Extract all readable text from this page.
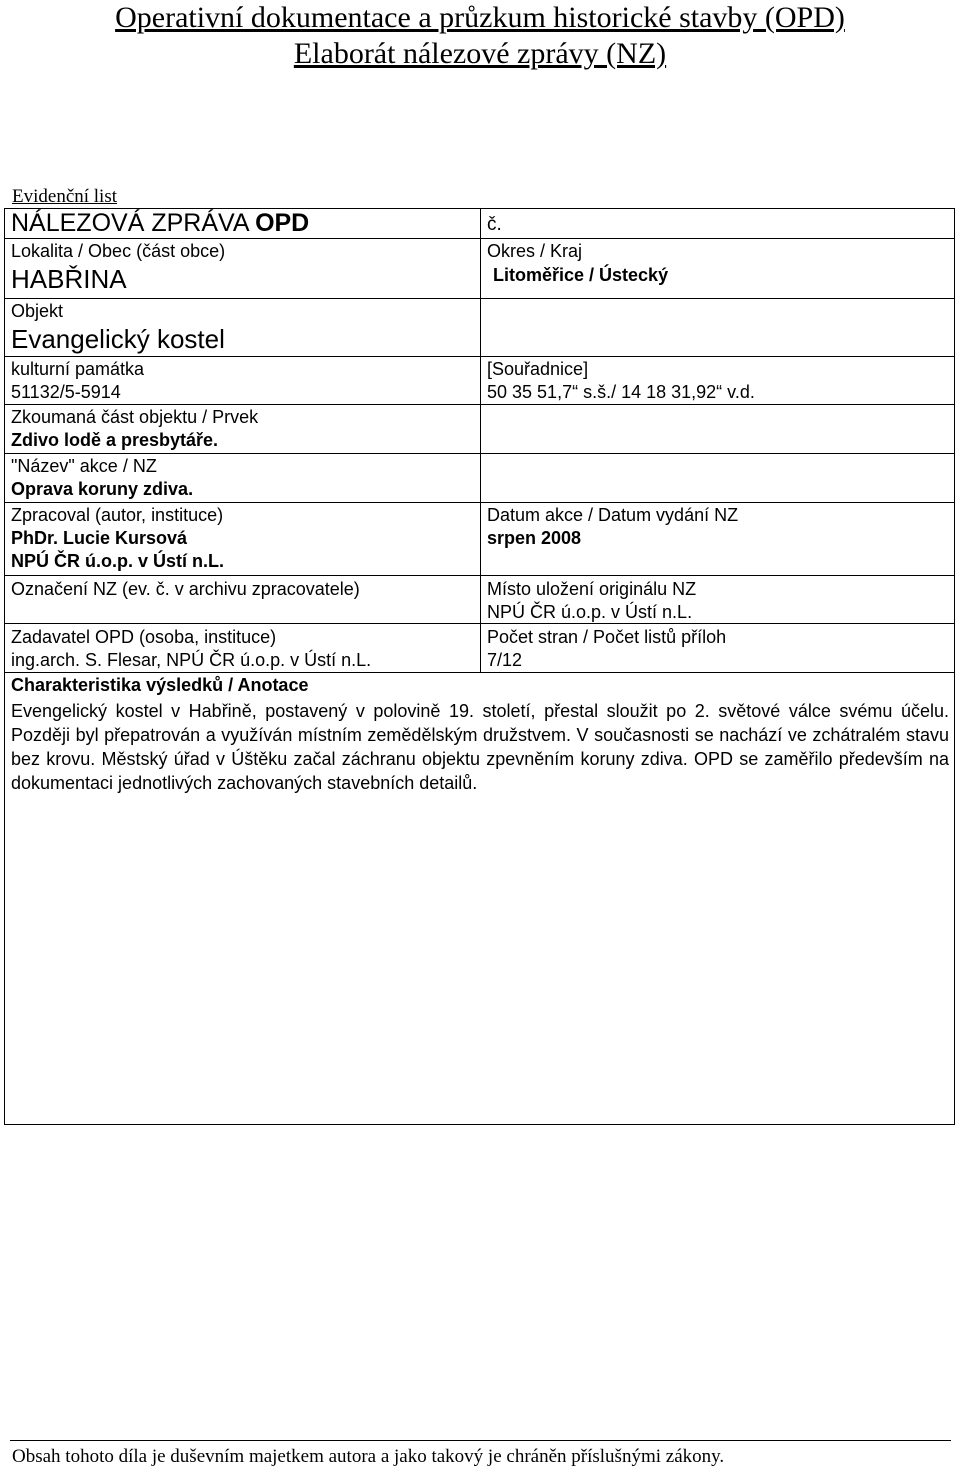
Operativní dokumentace a průzkum historické stavby (OPD)
Elaborát nálezové zprávy (NZ)
Evidenční list
NÁLEZOVÁ ZPRÁVA OPD	č.
Lokalita / Obec (část obce)
HABŘINA
Okres / Kraj
Litoměřice / Ústecký
Objekt
Evangelický kostel
kulturní památka
51132/5-5914
[Souřadnice]
50 35 51,7“ s.š./ 14 18 31,92“ v.d.
Zkoumaná část objektu / Prvek
Zdivo lodě a presbytáře.
"Název" akce / NZ
Oprava koruny zdiva.
Zpracoval (autor, instituce)
PhDr. Lucie Kursová
NPÚ ČR ú.o.p. v Ústí n.L.
Datum akce / Datum vydání NZ
srpen 2008
Označení NZ (ev. č. v archivu zpracovatele)	Místo uložení originálu NZ
NPÚ ČR ú.o.p. v Ústí n.L.
Zadavatel OPD (osoba, instituce)
ing.arch. S. Flesar, NPÚ ČR ú.o.p. v Ústí n.L.
Počet stran / Počet listů příloh
7/12
Charakteristika výsledků / Anotace
Evengelický kostel v Habřině, postavený v polovině 19. století, přestal sloužit po 2. světové válce svému účelu. Později byl přepatrován a využíván místním zemědělským družstvem. V současnosti se nachází ve zchátralém stavu bez krovu. Městský úřad v Úštěku začal záchranu objektu zpevněním koruny zdiva. OPD se zaměřilo především na dokumentaci jednotlivých zachovaných stavebních detailů.
Obsah tohoto díla je duševním majetkem autora a jako takový je chráněn příslušnými zákony.
